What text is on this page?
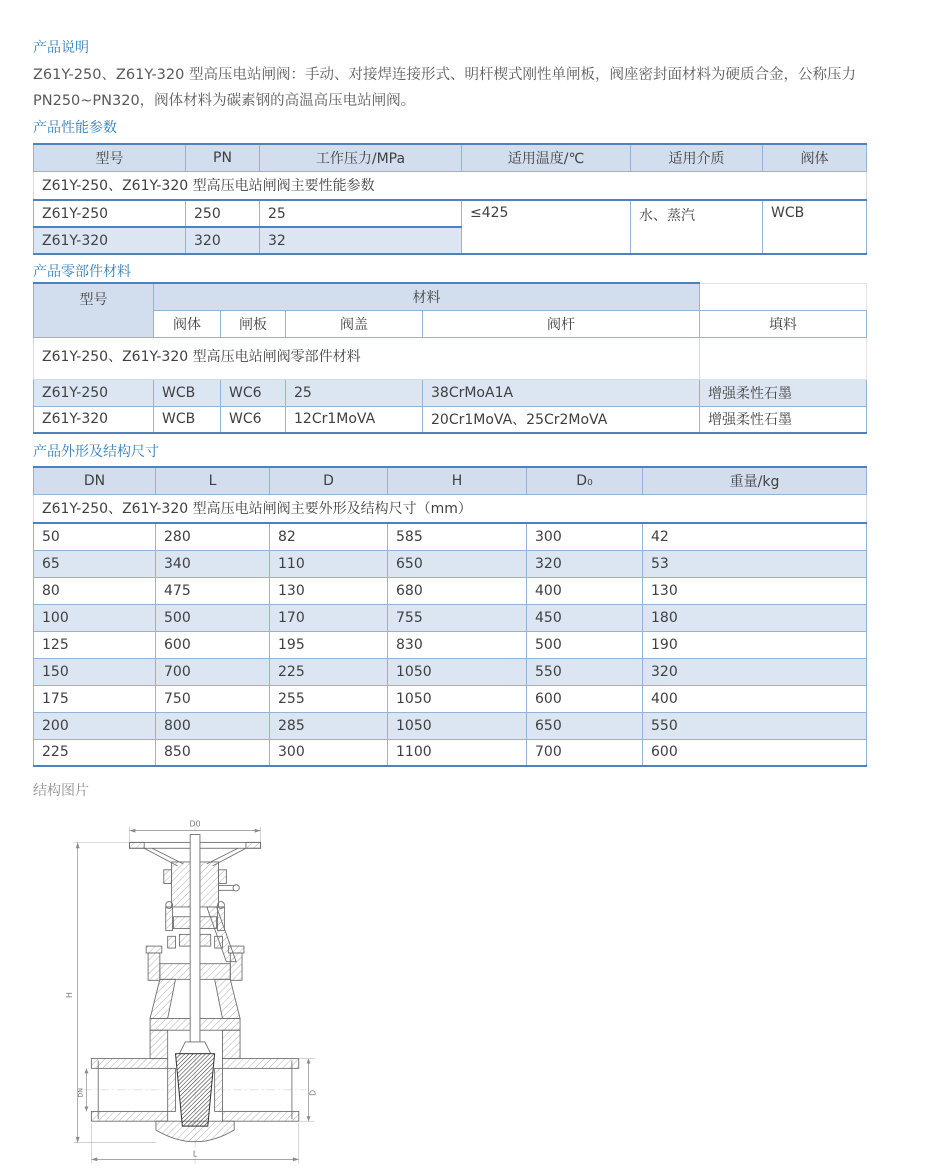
产品说明

Z61Y-250、Z61Y-320 型高压电站闸阀：手动、对接焊连接形式、明杆楔式刚性单闸板，阀座密封面材料为硬质合金，公称压力PN250~PN320，阀体材料为碳素钢的高温高压电站闸阀。

产品性能参数
Z61Y-250、Z61Y-320 型高压电站闸阀主要性能参数					
型号	PN	工作压力/MPa	适用温度/℃	适用介质	阀体
Z61Y-250	250	25	≤425	水、蒸汽	WCB
Z61Y-320	320	32			
产品零部件材料
Z61Y-250、Z61Y-320 型高压电站闸阀零部件材料					
型号	材料				
	阀体	闸板	阀盖	阀杆	填料
Z61Y-250	WCB	WC6	25	38CrMoA1A	增强柔性石墨
Z61Y-320	WCB	WC6	12Cr1MoVA	20Cr1MoVA、25Cr2MoVA	增强柔性石墨
产品外形及结构尺寸
Z61Y-250、Z61Y-320 型高压电站闸阀主要外形及结构尺寸（mm）					
DN	L	D	H	D₀	重量/kg
50	280	82	585	300	42
65	340	110	650	320	53
80	475	130	680	400	130
100	500	170	755	450	180
125	600	195	830	500	190
150	700	225	1050	550	320
175	750	255	1050	600	400
200	800	285	1050	650	550
225	850	300	1100	700	600
结构图片
D0
H
DN	D
L
